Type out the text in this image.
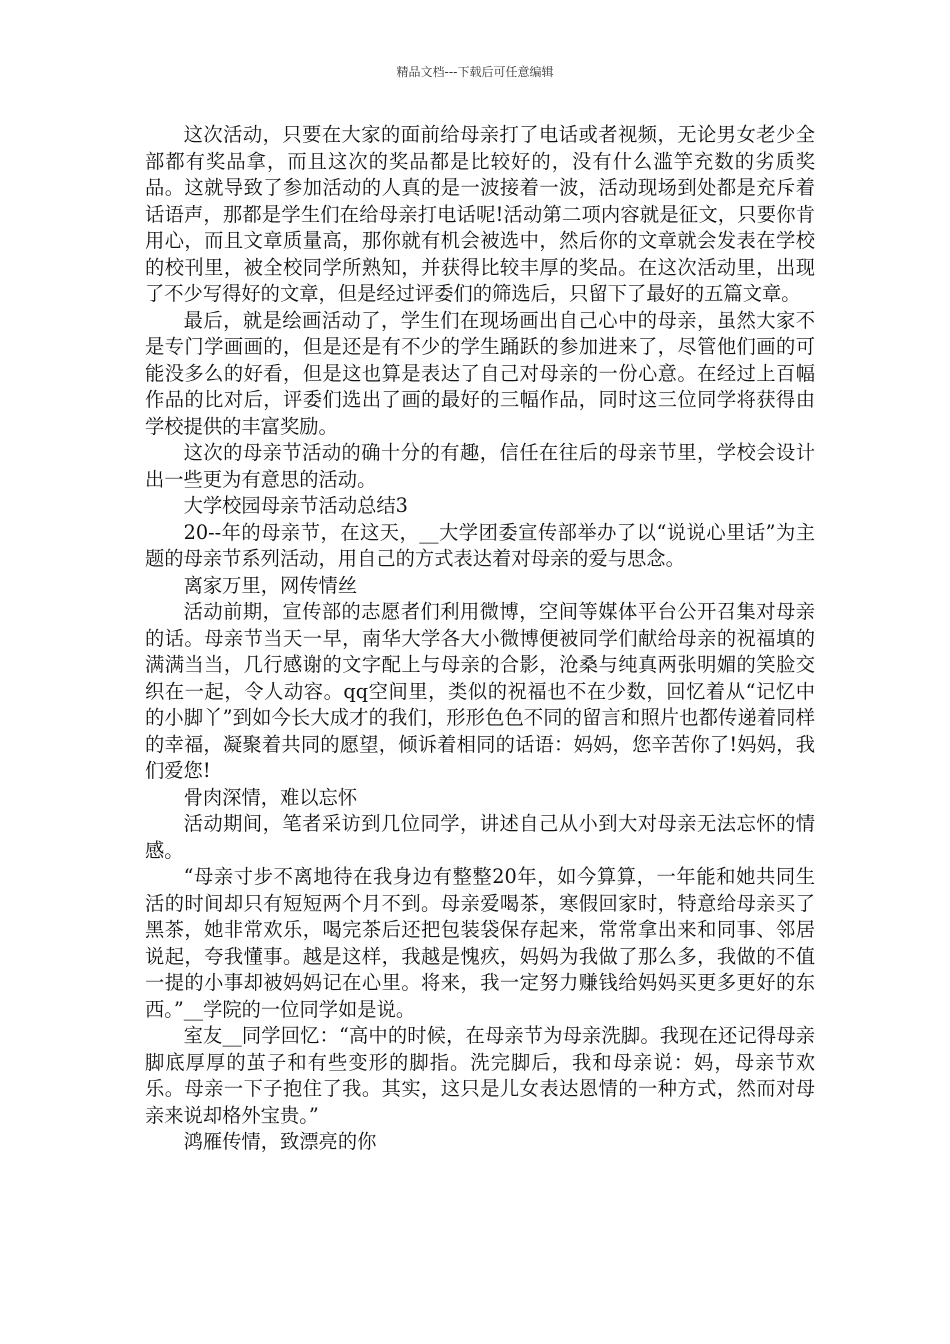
精品文档---下载后可任意编辑

这次活动，只要在大家的面前给母亲打了电话或者视频，无论男女老少全部都有奖品拿，而且这次的奖品都是比较好的，没有什么滥竽充数的劣质奖品。这就导致了参加活动的人真的是一波接着一波，活动现场到处都是充斥着话语声，那都是学生们在给母亲打电话呢!活动第二项内容就是征文，只要你肯用心，而且文章质量高，那你就有机会被选中，然后你的文章就会发表在学校的校刊里，被全校同学所熟知，并获得比较丰厚的奖品。在这次活动里，出现了不少写得好的文章，但是经过评委们的筛选后，只留下了最好的五篇文章。

最后，就是绘画活动了，学生们在现场画出自己心中的母亲，虽然大家不是专门学画画的，但是还是有不少的学生踊跃的参加进来了，尽管他们画的可能没多么的好看，但是这也算是表达了自己对母亲的一份心意。在经过上百幅作品的比对后，评委们选出了画的最好的三幅作品，同时这三位同学将获得由学校提供的丰富奖励。

这次的母亲节活动的确十分的有趣，信任在往后的母亲节里，学校会设计出一些更为有意思的活动。

大学校园母亲节活动总结3

20--年的母亲节，在这天，__大学团委宣传部举办了以“说说心里话”为主题的母亲节系列活动，用自己的方式表达着对母亲的爱与思念。

离家万里，网传情丝

活动前期，宣传部的志愿者们利用微博，空间等媒体平台公开召集对母亲的话。母亲节当天一早，南华大学各大小微博便被同学们献给母亲的祝福填的满满当当，几行感谢的文字配上与母亲的合影，沧桑与纯真两张明媚的笑脸交织在一起，令人动容。qq空间里，类似的祝福也不在少数，回忆着从“记忆中的小脚丫”到如今长大成才的我们，形形色色不同的留言和照片也都传递着同样的幸福，凝聚着共同的愿望，倾诉着相同的话语：妈妈，您辛苦你了!妈妈，我们爱您!

骨肉深情，难以忘怀

活动期间，笔者采访到几位同学，讲述自己从小到大对母亲无法忘怀的情感。

“母亲寸步不离地待在我身边有整整20年，如今算算，一年能和她共同生活的时间却只有短短两个月不到。母亲爱喝茶，寒假回家时，特意给母亲买了黑茶，她非常欢乐，喝完茶后还把包装袋保存起来，常常拿出来和同事、邻居说起，夸我懂事。越是这样，我越是愧疚，妈妈为我做了那么多，我做的不值一提的小事却被妈妈记在心里。将来，我一定努力赚钱给妈妈买更多更好的东西。”__学院的一位同学如是说。

室友__同学回忆：“高中的时候，在母亲节为母亲洗脚。我现在还记得母亲脚底厚厚的茧子和有些变形的脚指。洗完脚后，我和母亲说：妈，母亲节欢乐。母亲一下子抱住了我。其实，这只是儿女表达恩情的一种方式，然而对母亲来说却格外宝贵。”

鸿雁传情，致漂亮的你
